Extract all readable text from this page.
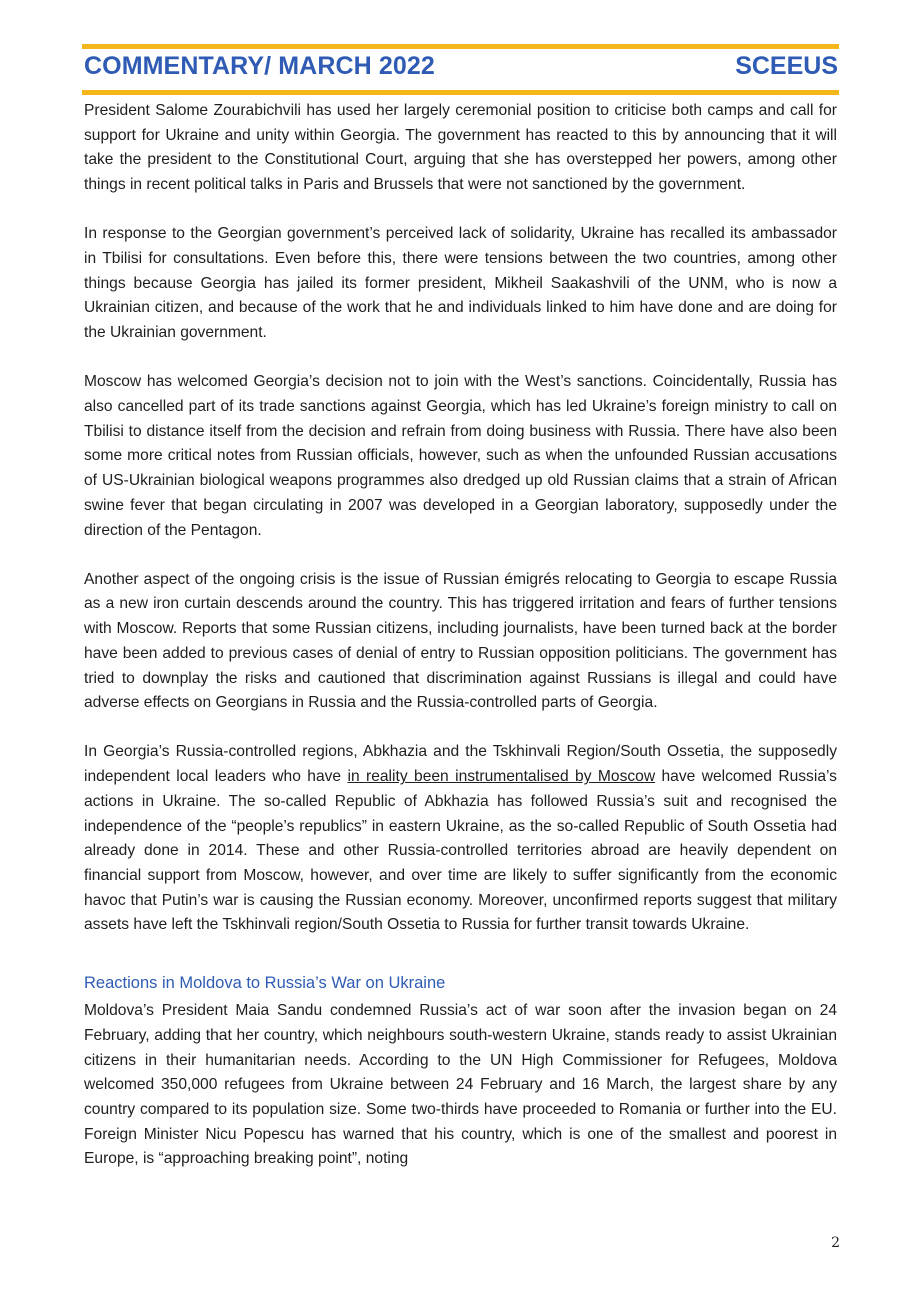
COMMENTARY/ MARCH 2022	SCEEUS

President Salome Zourabichvili has used her largely ceremonial position to criticise both camps and call for support for Ukraine and unity within Georgia. The government has reacted to this by announcing that it will take the president to the Constitutional Court, arguing that she has overstepped her powers, among other things in recent political talks in Paris and Brussels that were not sanctioned by the government.

In response to the Georgian government’s perceived lack of solidarity, Ukraine has recalled its ambassador in Tbilisi for consultations. Even before this, there were tensions between the two countries, among other things because Georgia has jailed its former president, Mikheil Saakashvili of the UNM, who is now a Ukrainian citizen, and because of the work that he and individuals linked to him have done and are doing for the Ukrainian government.

Moscow has welcomed Georgia’s decision not to join with the West’s sanctions. Coincidentally, Russia has also cancelled part of its trade sanctions against Georgia, which has led Ukraine’s foreign ministry to call on Tbilisi to distance itself from the decision and refrain from doing business with Russia. There have also been some more critical notes from Russian officials, however, such as when the unfounded Russian accusations of US-Ukrainian biological weapons programmes also dredged up old Russian claims that a strain of African swine fever that began circulating in 2007 was developed in a Georgian laboratory, supposedly under the direction of the Pentagon.

Another aspect of the ongoing crisis is the issue of Russian émigrés relocating to Georgia to escape Russia as a new iron curtain descends around the country. This has triggered irritation and fears of further tensions with Moscow. Reports that some Russian citizens, including journalists, have been turned back at the border have been added to previous cases of denial of entry to Russian opposition politicians. The government has tried to downplay the risks and cautioned that discrimination against Russians is illegal and could have adverse effects on Georgians in Russia and the Russia-controlled parts of Georgia.

In Georgia’s Russia-controlled regions, Abkhazia and the Tskhinvali Region/South Ossetia, the supposedly independent local leaders who have in reality been instrumentalised by Moscow have welcomed Russia’s actions in Ukraine. The so-called Republic of Abkhazia has followed Russia’s suit and recognised the independence of the “people’s republics” in eastern Ukraine, as the so-called Republic of South Ossetia had already done in 2014. These and other Russia-controlled territories abroad are heavily dependent on financial support from Moscow, however, and over time are likely to suffer significantly from the economic havoc that Putin’s war is causing the Russian economy. Moreover, unconfirmed reports suggest that military assets have left the Tskhinvali region/South Ossetia to Russia for further transit towards Ukraine.

Reactions in Moldova to Russia’s War on Ukraine

Moldova’s President Maia Sandu condemned Russia’s act of war soon after the invasion began on 24 February, adding that her country, which neighbours south-western Ukraine, stands ready to assist Ukrainian citizens in their humanitarian needs. According to the UN High Commissioner for Refugees, Moldova welcomed 350,000 refugees from Ukraine between 24 February and 16 March, the largest share by any country compared to its population size. Some two-thirds have proceeded to Romania or further into the EU. Foreign Minister Nicu Popescu has warned that his country, which is one of the smallest and poorest in Europe, is “approaching breaking point”, noting

2
